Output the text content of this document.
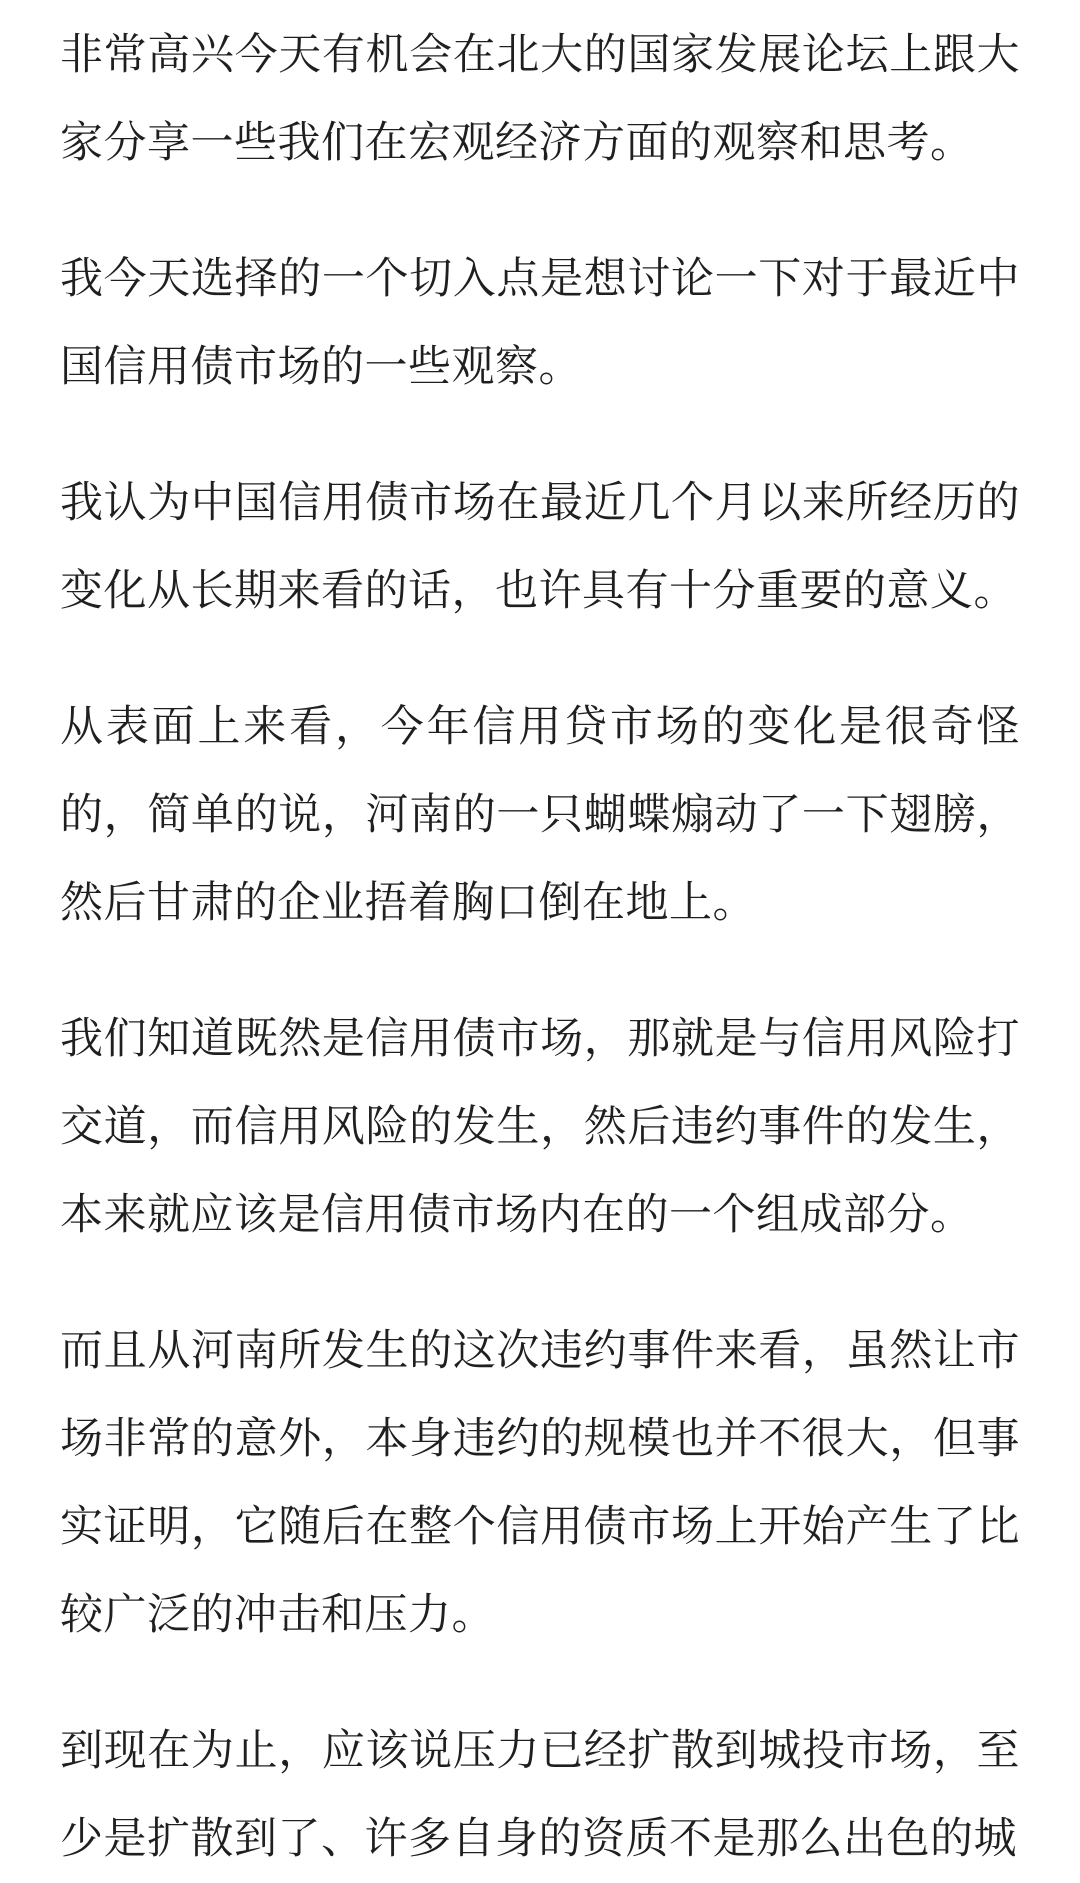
非常高兴今天有机会在北大的国家发展论坛上跟大家分享一些我们在宏观经济方面的观察和思考。

我今天选择的一个切入点是想讨论一下对于最近中国信用债市场的一些观察。

我认为中国信用债市场在最近几个月以来所经历的变化从长期来看的话，也许具有十分重要的意义。

从表面上来看，今年信用贷市场的变化是很奇怪的，简单的说，河南的一只蝴蝶煽动了一下翅膀，然后甘肃的企业捂着胸口倒在地上。

我们知道既然是信用债市场，那就是与信用风险打交道，而信用风险的发生，然后违约事件的发生，本来就应该是信用债市场内在的一个组成部分。

而且从河南所发生的这次违约事件来看，虽然让市场非常的意外，本身违约的规模也并不很大，但事实证明，它随后在整个信用债市场上开始产生了比较广泛的冲击和压力。

到现在为止，应该说压力已经扩散到城投市场，至少是扩散到了、许多自身的资质不是那么出色的城
